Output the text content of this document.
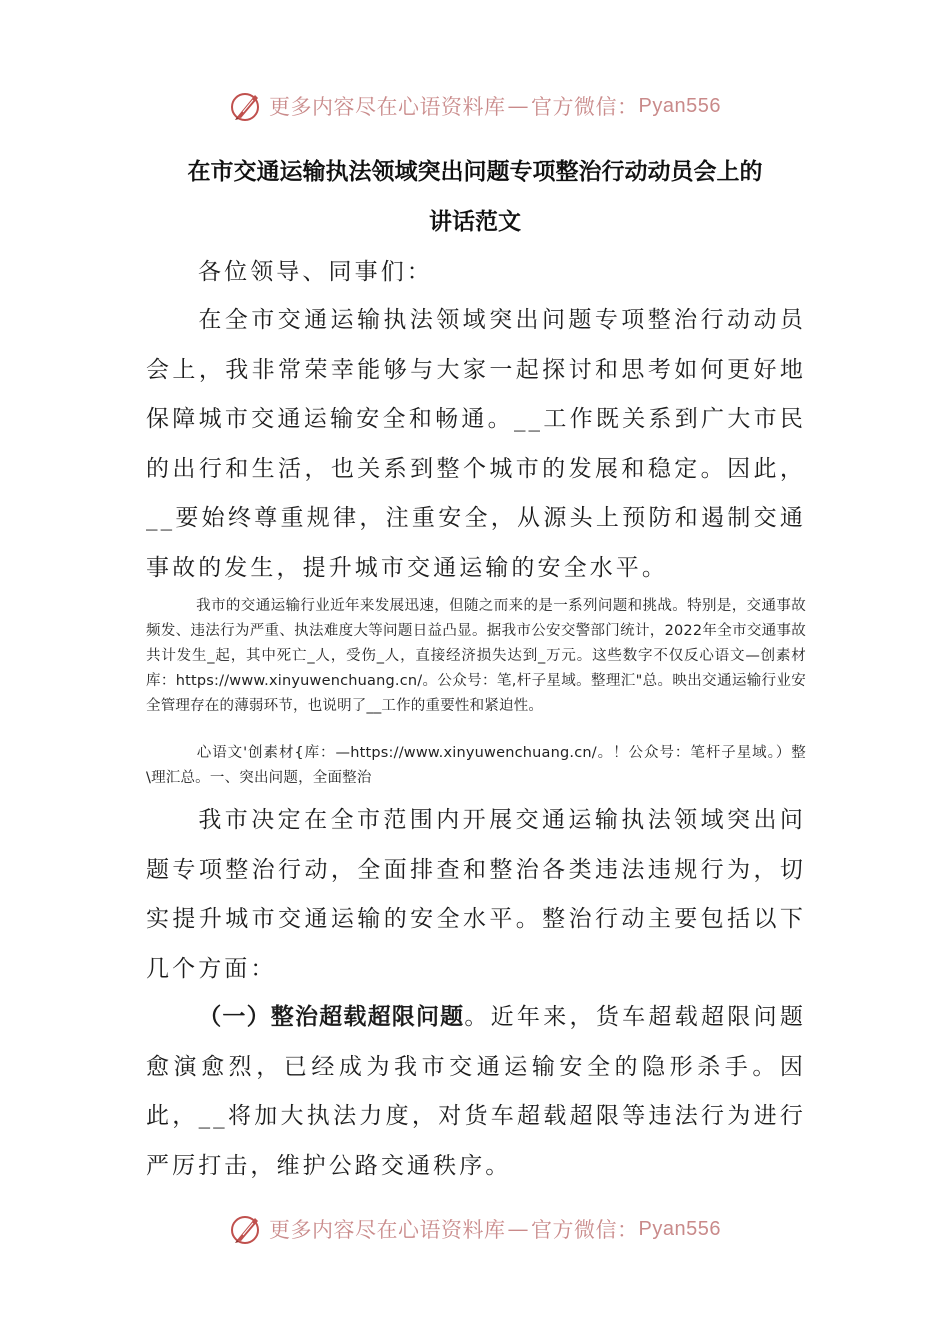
更多内容尽在心语资料库 — 官方微信： Pyan556
在市交通运输执法领域突出问题专项整治行动动员会上的
讲话范文

各位领导、同事们：

在全市交通运输执法领域突出问题专项整治行动动员会上，我非常荣幸能够与大家一起探讨和思考如何更好地保障城市交通运输安全和畅通。__工作既关系到广大市民的出行和生活，也关系到整个城市的发展和稳定。因此，__要始终尊重规律，注重安全，从源头上预防和遏制交通事故的发生，提升城市交通运输的安全水平。

我市的交通运输行业近年来发展迅速，但随之而来的是一系列问题和挑战。特别是，交通事故频发、违法行为严重、执法难度大等问题日益凸显。据我市公安交警部门统计，2022年全市交通事故共计发生_起，其中死亡_人，受伤_人，直接经济损失达到_万元。这些数字不仅反心语文—创素材库：https://www.xinyuwenchuang.cn/。公众号：笔,杆子星域。整理汇"总。映出交通运输行业安全管理存在的薄弱环节，也说明了__工作的重要性和紧迫性。

心语文'创素材{库：—https://www.xinyuwenchuang.cn/。！公众号：笔杆子星域。）整\理汇总。一、突出问题，全面整治

我市决定在全市范围内开展交通运输执法领域突出问题专项整治行动，全面排查和整治各类违法违规行为，切实提升城市交通运输的安全水平。整治行动主要包括以下几个方面：

（一）整治超载超限问题。近年来，货车超载超限问题愈演愈烈，已经成为我市交通运输安全的隐形杀手。因此，__将加大执法力度，对货车超载超限等违法行为进行严厉打击，维护公路交通秩序。

更多内容尽在心语资料库 — 官方微信： Pyan556
